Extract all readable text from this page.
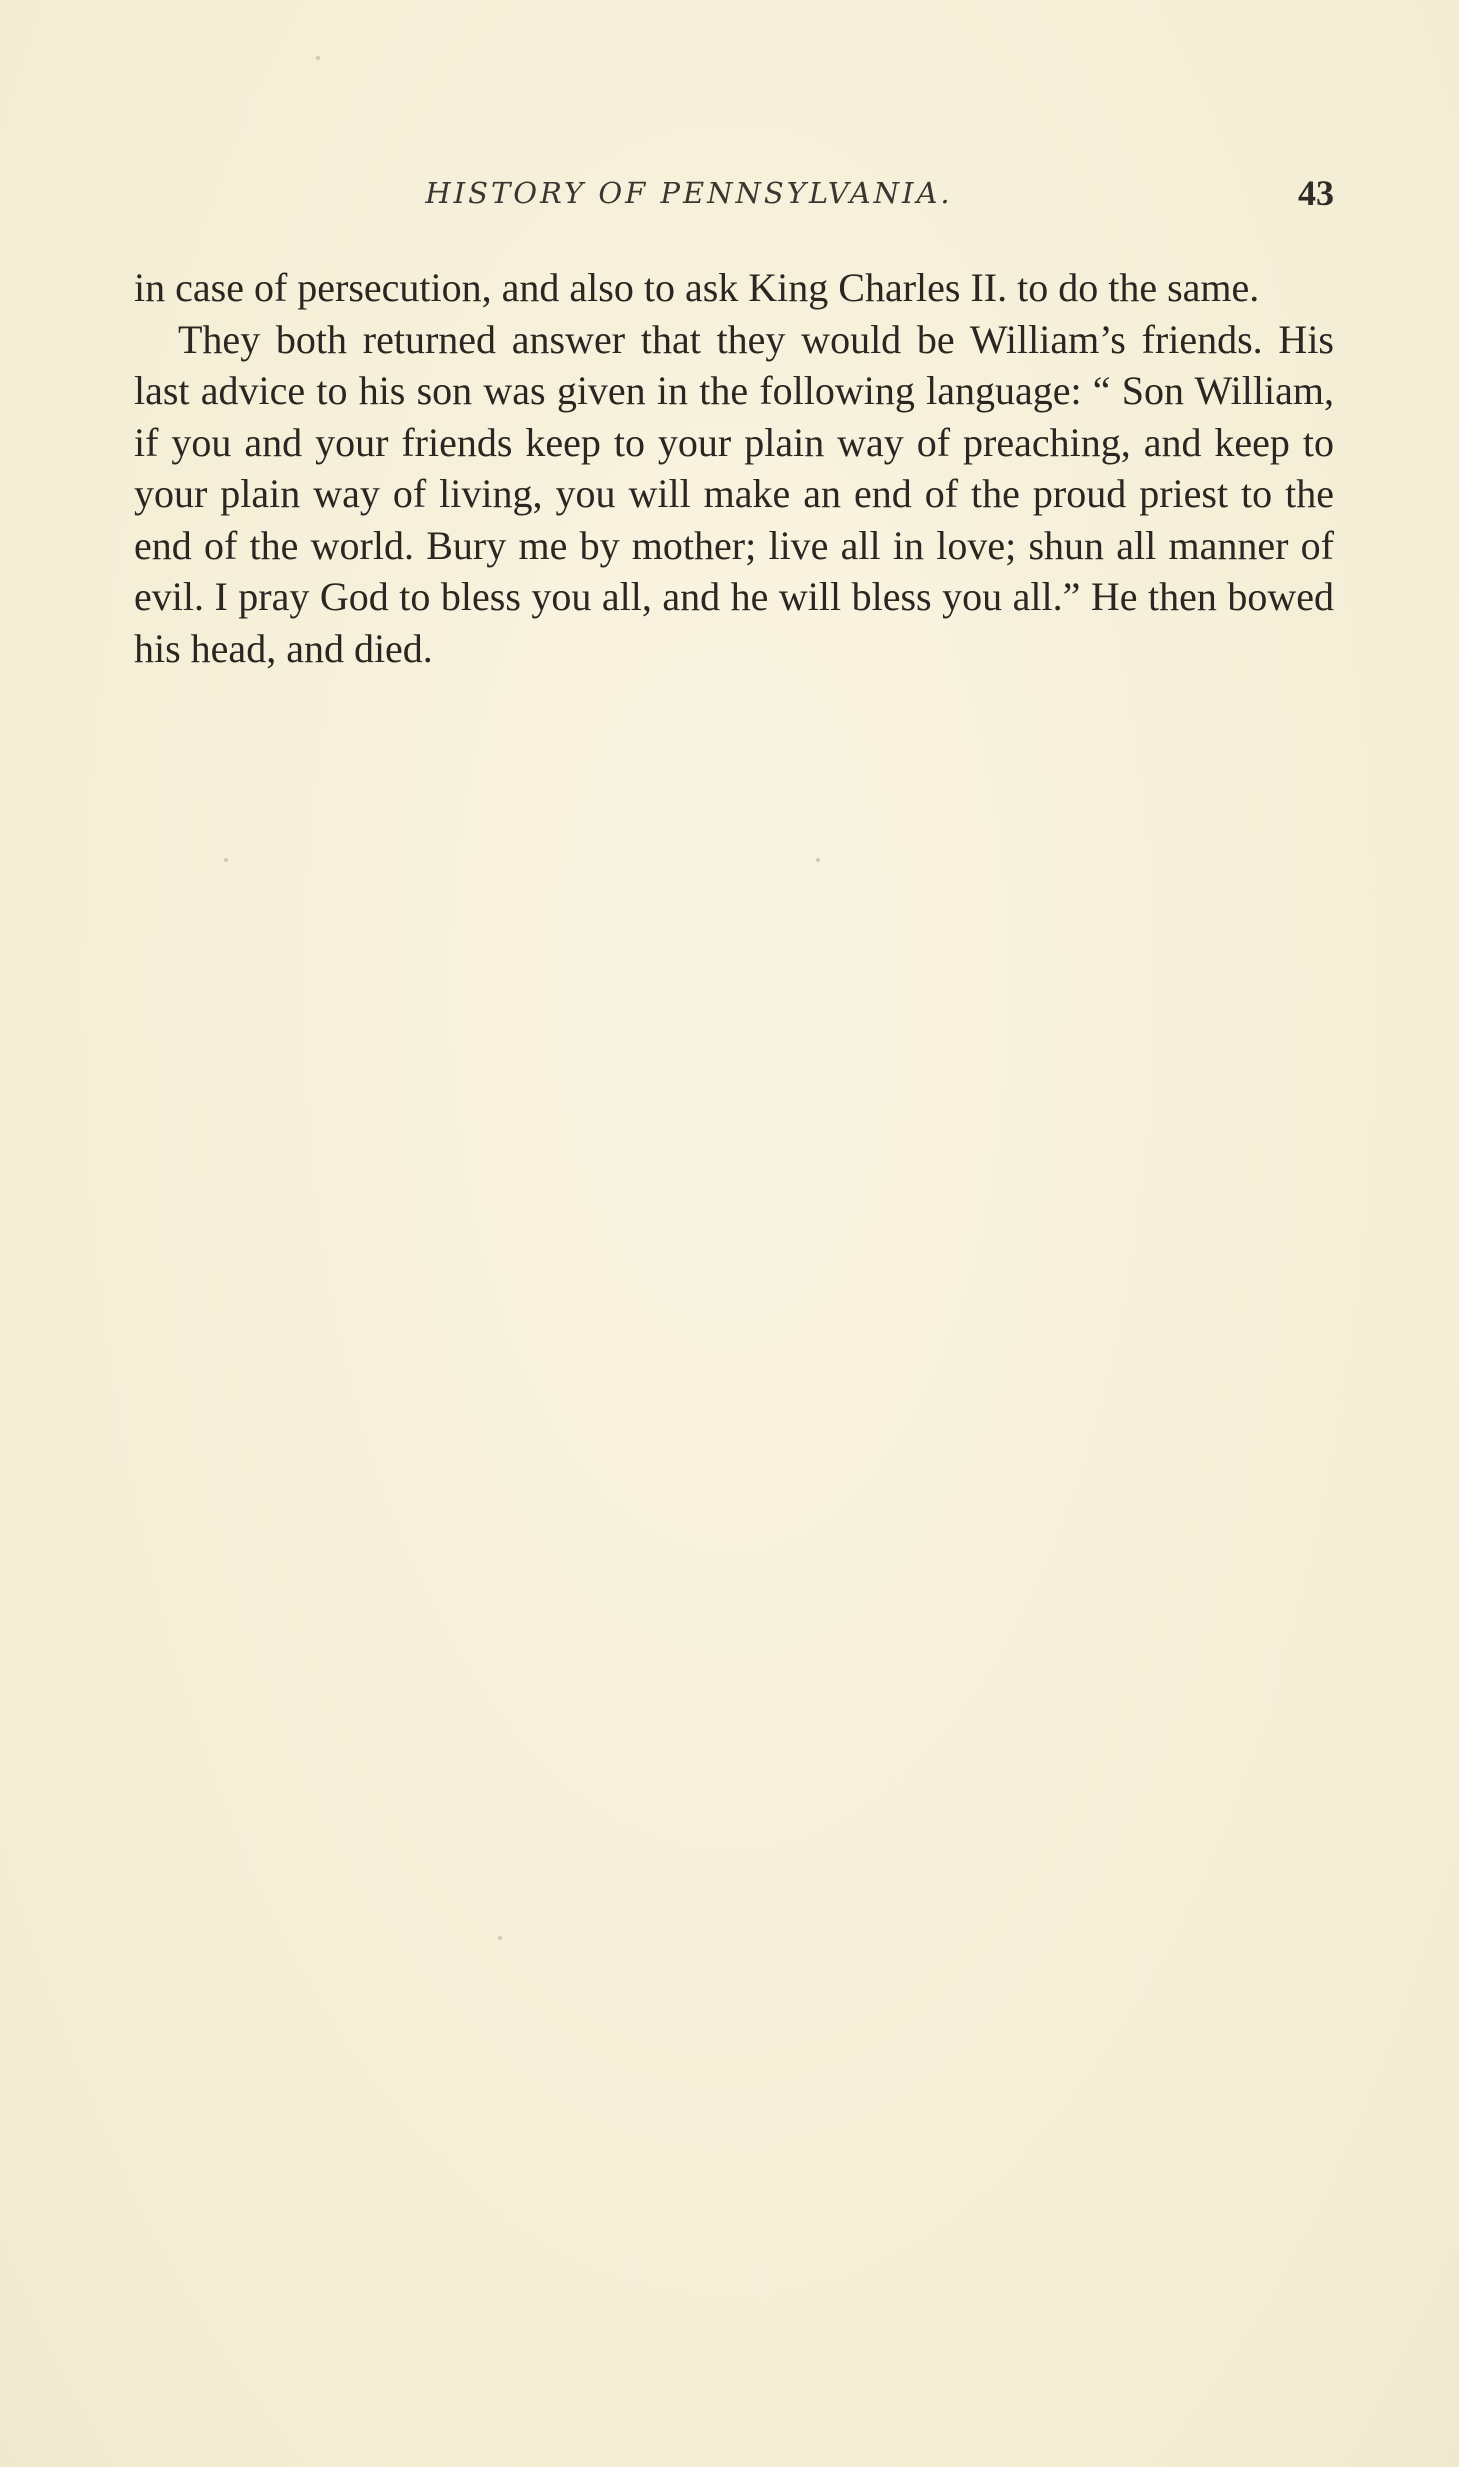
HISTORY OF PENNSYLVANIA.	43

in case of persecution, and also to ask King Charles II. to do the same.

They both returned answer that they would be William’s friends. His last advice to his son was given in the following language: “ Son William, if you and your friends keep to your plain way of preaching, and keep to your plain way of living, you will make an end of the proud priest to the end of the world. Bury me by mother; live all in love; shun all manner of evil. I pray God to bless you all, and he will bless you all.” He then bowed his head, and died.
